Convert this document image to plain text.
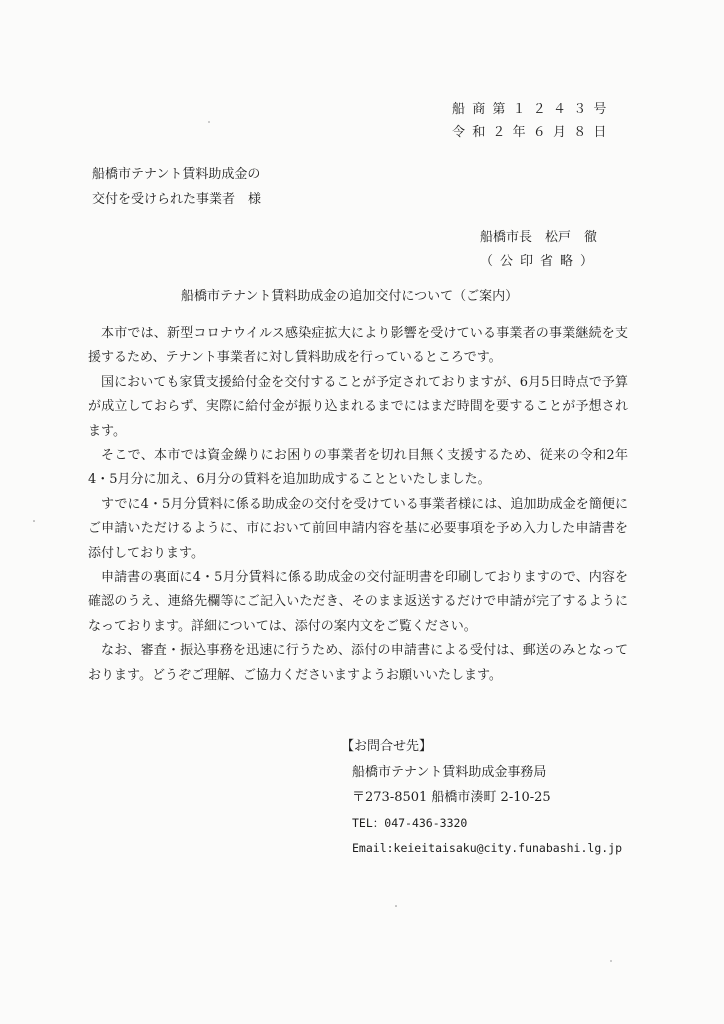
船商第１２４３号
令和２年６月８日
船橋市テナント賃料助成金の
交付を受けられた事業者　様
船橋市長　松戸　徹
（公印省略）
船橋市テナント賃料助成金の追加交付について（ご案内）

本市では、新型コロナウイルス感染症拡大により影響を受けている事業者の事業継続を支援するため、テナント事業者に対し賃料助成を行っているところです。

国においても家賃支援給付金を交付することが予定されておりますが、6月5日時点で予算が成立しておらず、実際に給付金が振り込まれるまでにはまだ時間を要することが予想されます。

そこで、本市では資金繰りにお困りの事業者を切れ目無く支援するため、従来の令和2年4・5月分に加え、6月分の賃料を追加助成することといたしました。

すでに4・5月分賃料に係る助成金の交付を受けている事業者様には、追加助成金を簡便にご申請いただけるように、市において前回申請内容を基に必要事項を予め入力した申請書を添付しております。

申請書の裏面に4・5月分賃料に係る助成金の交付証明書を印刷しておりますので、内容を確認のうえ、連絡先欄等にご記入いただき、そのまま返送するだけで申請が完了するようになっております。詳細については、添付の案内文をご覧ください。

なお、審査・振込事務を迅速に行うため、添付の申請書による受付は、郵送のみとなっております。どうぞご理解、ご協力くださいますようお願いいたします。

【お問合せ先】
船橋市テナント賃料助成金事務局
〒273-8501 船橋市湊町 2-10-25
TEL：047-436-3320
Email:keieitaisaku@city.funabashi.lg.jp
